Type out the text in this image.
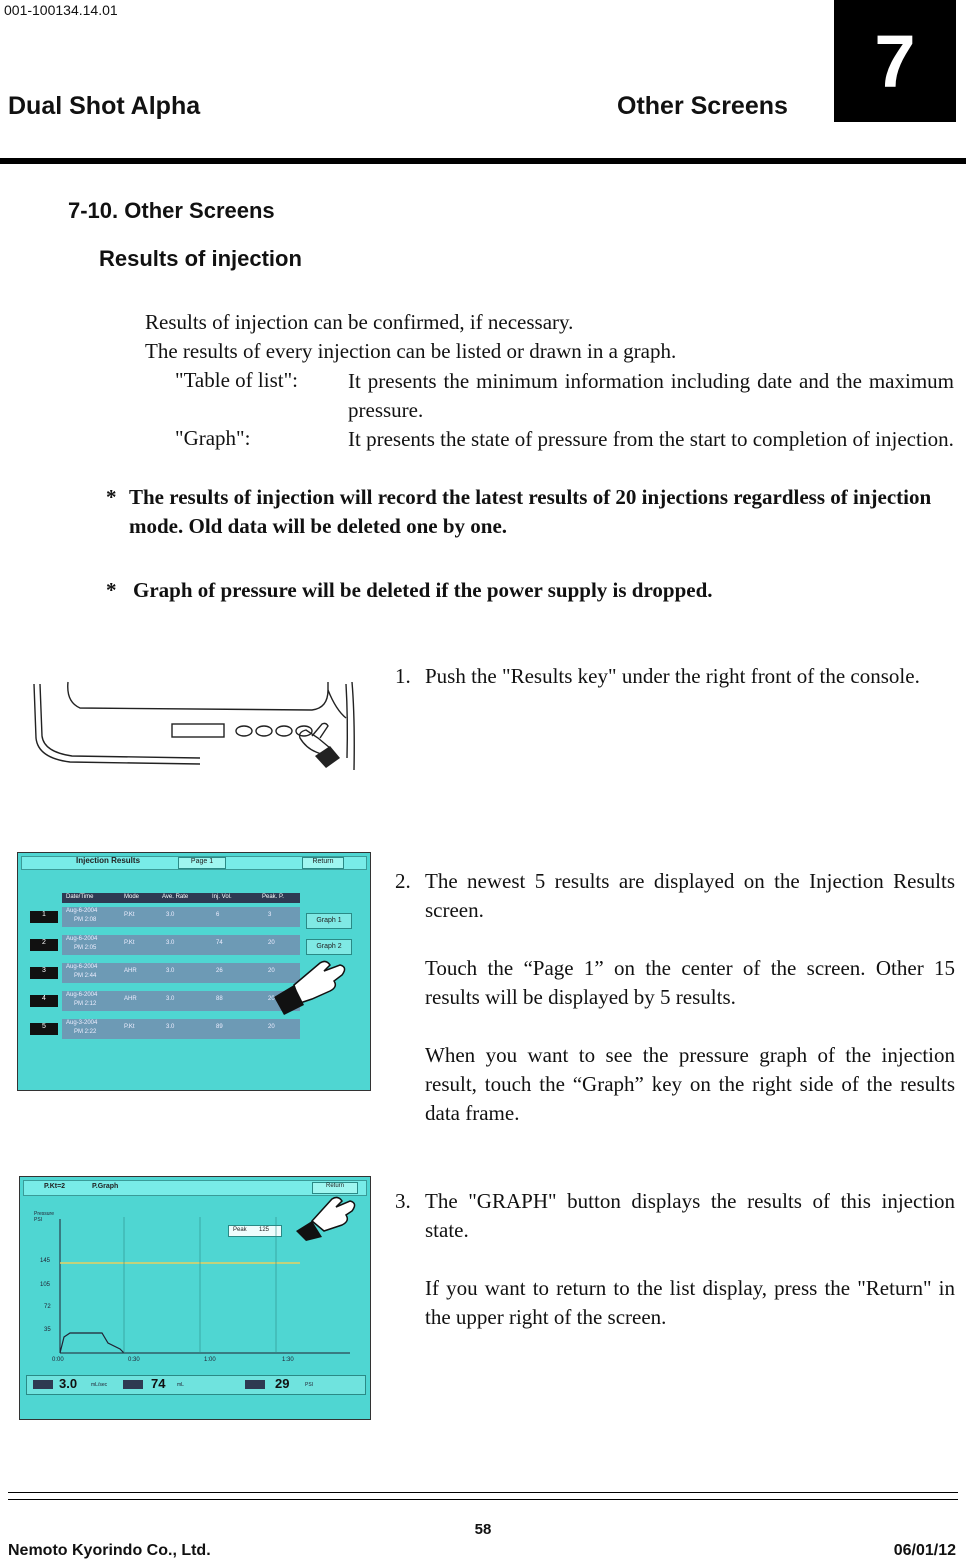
001-100134.14.01
Dual Shot Alpha	Other Screens
7
7-10. Other Screens
Results of injection
Results of injection can be confirmed, if necessary.
The results of every injection can be listed or drawn in a graph.
"Table of list": It presents the minimum information including date and the maximum pressure.
"Graph":	It presents the state of pressure from the start to completion of injection.
* The results of injection will record the latest results of 20 injections regardless of injection mode. Old data will be deleted one by one.
* Graph of pressure will be deleted if the power supply is dropped.
1. Push the "Results key" under the right front of the console.
Injection Results	Page 1	Return
Date/Time	Mode	Ave. Rate	Inj. Vol.	Peak. P.
1	Aug-6-2004
PM 2:08
P.Kt	3.0	6	3
2	Aug-6-2004
PM 2:05
P.Kt	3.0	74	20
3	Aug-6-2004
PM 2:44
AHR	3.0	26	20
4	Aug-6-2004
PM 2:12
AHR	3.0	88	20
5	Aug-3-2004
PM 2:22
P.Kt	3.0	89	20
Graph 1
Graph 2
2. The newest 5 results are displayed on the Injection Results screen.
Touch the “Page 1” on the center of the screen. Other 15 results will be displayed by 5 results.
When you want to see the pressure graph of the injection result, touch the “Graph” key on the right side of the results data frame.
P.Kt=2	P.Graph	Return
Pressure
PSI
Peak 125
145
105
72
35
0:00	0:30	1:00	1:30
3.0	mL/sec	74 mL	29	PSI
3. The "GRAPH" button displays the results of this injection state.
If you want to return to the list display, press the "Return" in the upper right of the screen.
58
Nemoto Kyorindo Co., Ltd.	06/01/12
